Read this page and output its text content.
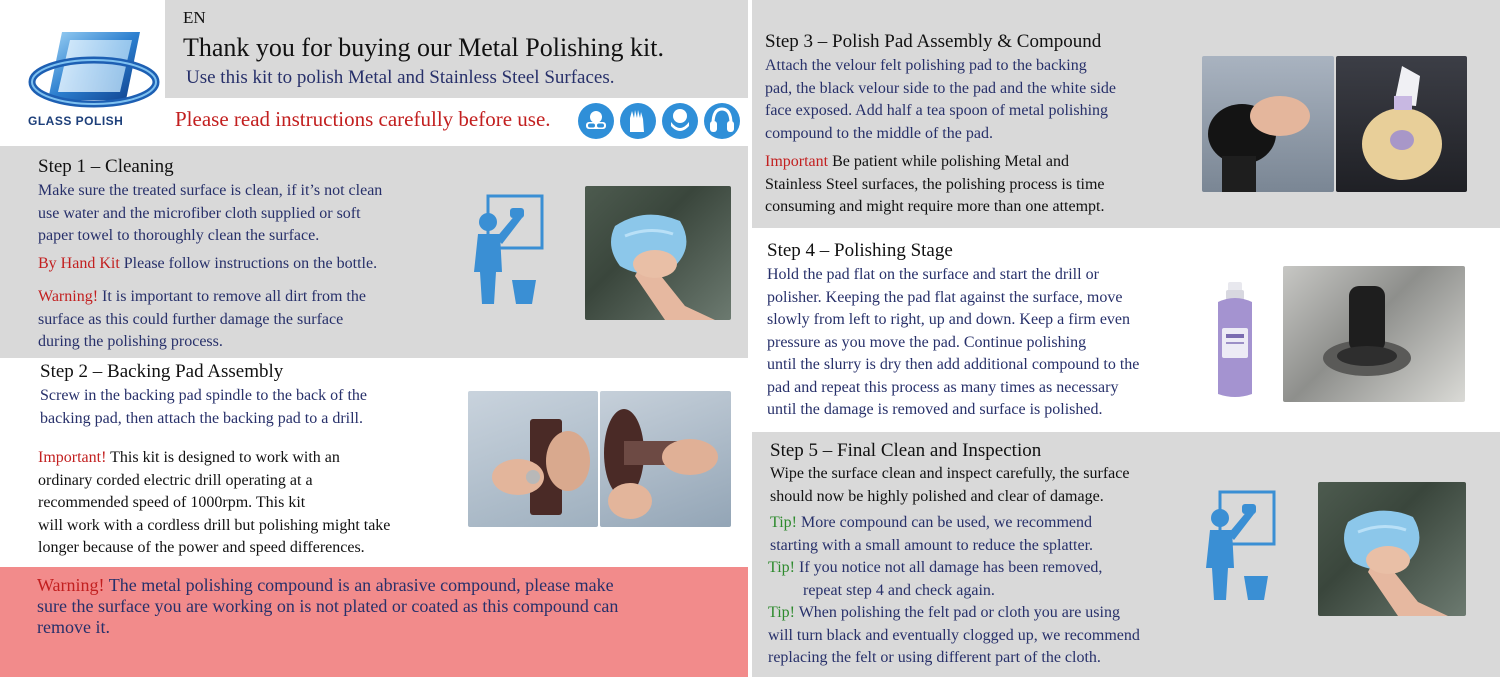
GLASS POLISH
EN
Thank you for buying our Metal Polishing kit.
Use this kit to polish Metal and Stainless Steel Surfaces.
Please read instructions carefully before use.
Step 1 – Cleaning
Make sure the treated surface is clean, if it’s not clean
use water and the microfiber cloth supplied or soft
paper towel to thoroughly clean the surface.
By Hand Kit Please follow instructions on the bottle.
Warning! It is important to remove all dirt from the
surface as this could further damage the surface
during the polishing process.
Step 2 – Backing Pad Assembly
Screw in the backing pad spindle to the back of the
backing pad, then attach the backing pad to a drill.
Important! This kit is designed to work with an
ordinary corded electric drill operating at a
recommended speed of 1000rpm. This kit
will work with a cordless drill but polishing might take
longer because of the power and speed differences.
Warning! The metal polishing compound is an abrasive compound, please make
sure the surface you are working on is not plated or coated as this compound can
remove it.
Step 3 – Polish Pad Assembly & Compound
Attach the velour felt polishing pad to the backing
pad, the black velour side to the pad and the white side
face exposed. Add half a tea spoon of metal polishing
compound to the middle of the pad.
Important Be patient while polishing Metal and
Stainless Steel surfaces, the polishing process is time
consuming and might require more than one attempt.
Step 4 – Polishing Stage
Hold the pad flat on the surface and start the drill or
polisher. Keeping the pad flat against the surface, move
slowly from left to right, up and down. Keep a firm even
pressure as you move the pad. Continue polishing
until the slurry is dry then add additional compound to the
pad and repeat this process as many times as necessary
until the damage is removed and surface is polished.
Step 5 – Final Clean and Inspection
Wipe the surface clean and inspect carefully, the surface
should now be highly polished and clear of damage.
Tip! More compound can be used, we recommend
starting with a small amount to reduce the splatter.
Tip! If you notice not all damage has been removed,
repeat step 4 and check again.
Tip! When polishing the felt pad or cloth you are using
will turn black and eventually clogged up, we recommend
replacing the felt or using different part of the cloth.
